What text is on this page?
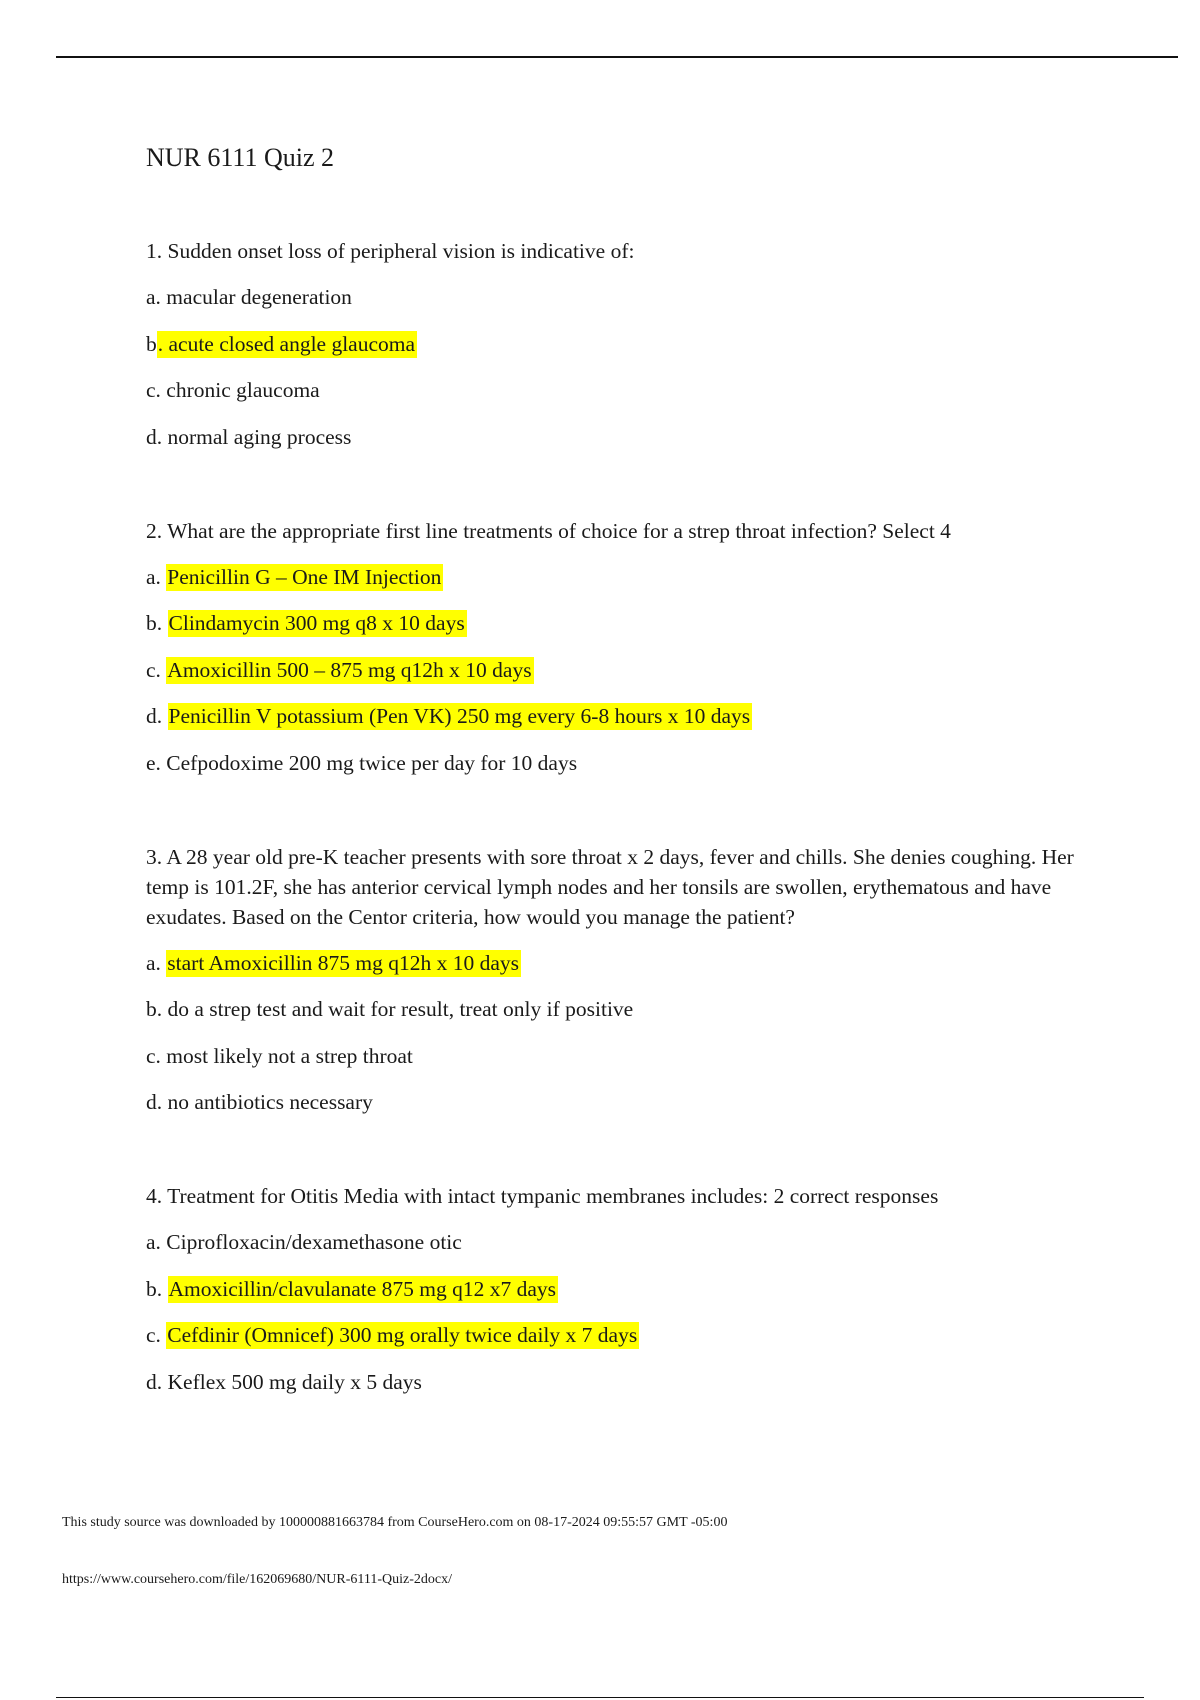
NUR 6111 Quiz 2

1. Sudden onset loss of peripheral vision is indicative of:

a. macular degeneration
b. acute closed angle glaucoma
c. chronic glaucoma
d. normal aging process

2. What are the appropriate first line treatments of choice for a strep throat infection? Select 4

a. Penicillin G – One IM Injection
b. Clindamycin 300 mg q8 x 10 days
c. Amoxicillin 500 – 875 mg q12h x 10 days
d. Penicillin V potassium (Pen VK) 250 mg every 6-8 hours x 10 days
e. Cefpodoxime 200 mg twice per day for 10 days

3. A 28 year old pre-K teacher presents with sore throat x 2 days, fever and chills. She denies coughing. Her temp is 101.2F, she has anterior cervical lymph nodes and her tonsils are swollen, erythematous and have exudates. Based on the Centor criteria, how would you manage the patient?

a. start Amoxicillin 875 mg q12h x 10 days
b. do a strep test and wait for result, treat only if positive
c. most likely not a strep throat
d. no antibiotics necessary

4. Treatment for Otitis Media with intact tympanic membranes includes: 2 correct responses

a. Ciprofloxacin/dexamethasone otic
b. Amoxicillin/clavulanate 875 mg q12 x7 days
c. Cefdinir (Omnicef) 300 mg orally twice daily x 7 days
d. Keflex 500 mg daily x 5 days
This study source was downloaded by 100000881663784 from CourseHero.com on 08-17-2024 09:55:57 GMT -05:00
https://www.coursehero.com/file/162069680/NUR-6111-Quiz-2docx/
